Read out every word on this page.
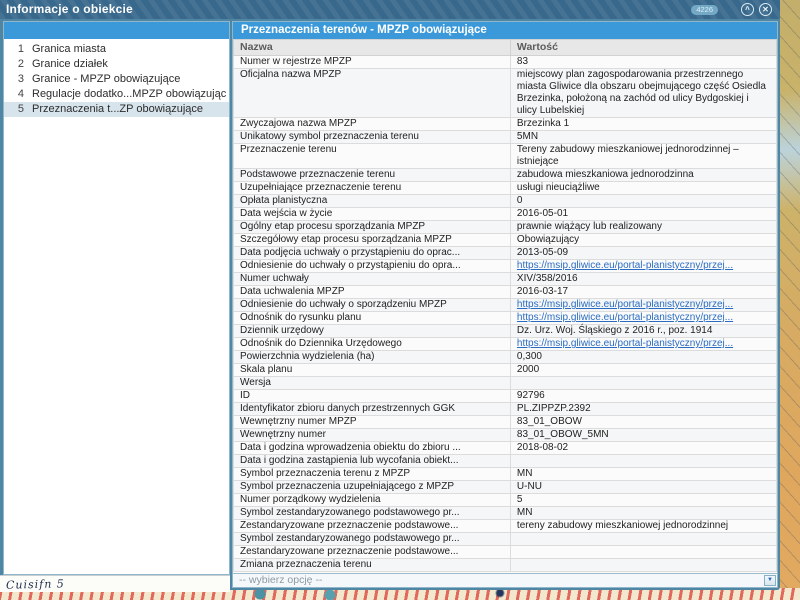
Informacje o obiekcie	4226	^	✕
1 Granica miasta
2 Granice działek
3 Granice - MPZP obowiązujące
4 Regulacje dodatko...MPZP obowiązując
5 Przeznaczenia t...ZP obowiązujące
Przeznaczenia terenów - MPZP obowiązujące
Nazwa	Wartość
Numer w rejestrze MPZP	83
Oficjalna nazwa MPZP	miejscowy plan zagospodarowania przestrzennego miasta Gliwice dla obszaru obejmującego część Osiedla Brzezinka, położoną na zachód od ulicy Bydgoskiej i ulicy Lubelskiej
Zwyczajowa nazwa MPZP	Brzezinka 1
Unikatowy symbol przeznaczenia terenu	5MN
Przeznaczenie terenu	Tereny zabudowy mieszkaniowej jednorodzinnej – istniejące
Podstawowe przeznaczenie terenu	zabudowa mieszkaniowa jednorodzinna
Uzupełniające przeznaczenie terenu	usługi nieuciążliwe
Opłata planistyczna	0
Data wejścia w życie	2016-05-01
Ogólny etap procesu sporządzania MPZP	prawnie wiążący lub realizowany
Szczegółowy etap procesu sporządzania MPZP	Obowiązujący
Data podjęcia uchwały o przystąpieniu do oprac...	2013-05-09
Odniesienie do uchwały o przystąpieniu do opra...	https://msip.gliwice.eu/portal-planistyczny/przej...
Numer uchwały	XIV/358/2016
Data uchwalenia MPZP	2016-03-17
Odniesienie do uchwały o sporządzeniu MPZP	https://msip.gliwice.eu/portal-planistyczny/przej...
Odnośnik do rysunku planu	https://msip.gliwice.eu/portal-planistyczny/przej...
Dziennik urzędowy	Dz. Urz. Woj. Śląskiego z 2016 r., poz. 1914
Odnośnik do Dziennika Urzędowego	https://msip.gliwice.eu/portal-planistyczny/przej...
Powierzchnia wydzielenia (ha)	0,300
Skala planu	2000
Wersja	
ID	92796
Identyfikator zbioru danych przestrzennych GGK	PL.ZIPPZP.2392
Wewnętrzny numer MPZP	83_01_OBOW
Wewnętrzny numer	83_01_OBOW_5MN
Data i godzina wprowadzenia obiektu do zbioru ...	2018-08-02
Data i godzina zastąpienia lub wycofania obiekt...	
Symbol przeznaczenia terenu z MPZP	MN
Symbol przeznaczenia uzupełniającego z MPZP	U-NU
Numer porządkowy wydzielenia	5
Symbol zestandaryzowanego podstawowego pr...	MN
Zestandaryzowane przeznaczenie podstawowe...	tereny zabudowy mieszkaniowej jednorodzinnej
Symbol zestandaryzowanego podstawowego pr...	
Zestandaryzowane przeznaczenie podstawowe...	
Zmiana przeznaczenia terenu	
-- wybierz opcję --	▼
Cuisifn 5
